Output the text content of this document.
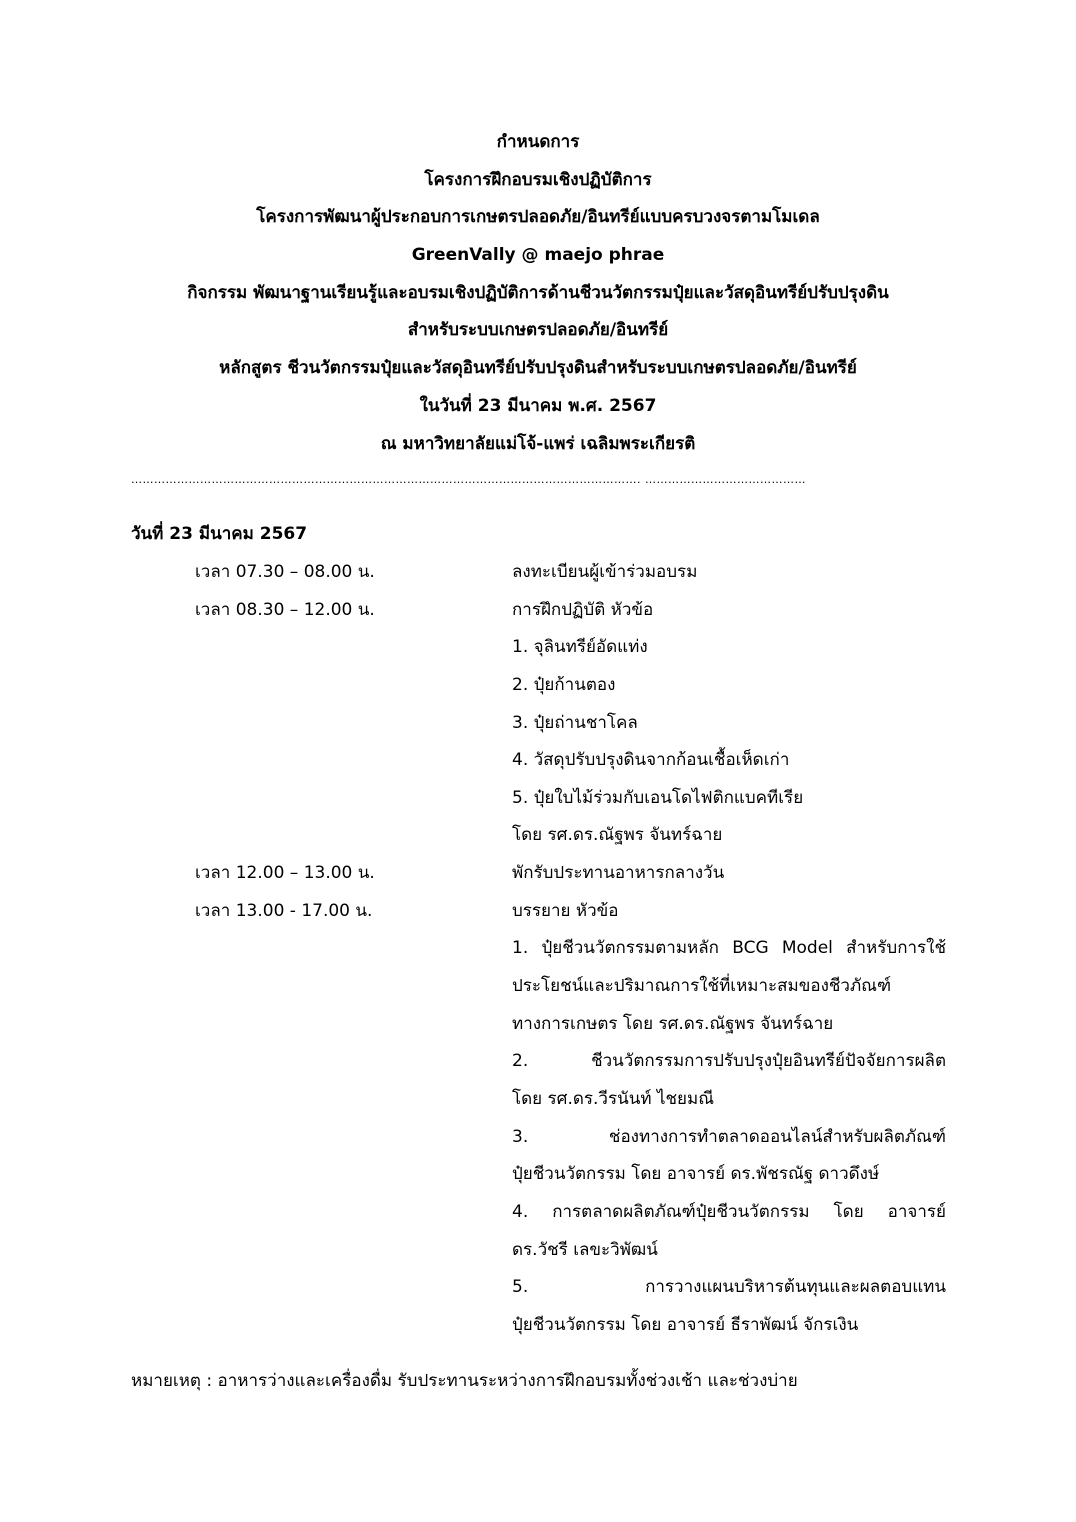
กำหนดการ
โครงการฝึกอบรมเชิงปฏิบัติการ
โครงการพัฒนาผู้ประกอบการเกษตรปลอดภัย/อินทรีย์แบบครบวงจรตามโมเดล
GreenVally @ maejo phrae
กิจกรรม พัฒนาฐานเรียนรู้และอบรมเชิงปฏิบัติการด้านชีวนวัตกรรมปุ๋ยและวัสดุอินทรีย์ปรับปรุงดิน
สำหรับระบบเกษตรปลอดภัย/อินทรีย์
หลักสูตร ชีวนวัตกรรมปุ๋ยและวัสดุอินทรีย์ปรับปรุงดินสำหรับระบบเกษตรปลอดภัย/อินทรีย์
ในวันที่ 23 มีนาคม พ.ศ. 2567
ณ มหาวิทยาลัยแม่โจ้-แพร่ เฉลิมพระเกียรติ
……………………………………………………………………………………………………………………. ……………………………………
วันที่ 23 มีนาคม 2567
เวลา 07.30 – 08.00 น.	ลงทะเบียนผู้เข้าร่วมอบรม
เวลา 08.30 – 12.00 น.	การฝึกปฏิบัติ หัวข้อ
1. จุลินทรีย์อัดแท่ง
2. ปุ๋ยก้านตอง
3. ปุ๋ยถ่านชาโคล
4. วัสดุปรับปรุงดินจากก้อนเชื้อเห็ดเก่า
5. ปุ๋ยใบไม้ร่วมกับเอนโดไฟติกแบคทีเรีย
โดย รศ.ดร.ณัฐพร จันทร์ฉาย
เวลา 12.00 – 13.00 น.	พักรับประทานอาหารกลางวัน
เวลา 13.00 - 17.00 น.	บรรยาย หัวข้อ
1. ปุ๋ยชีวนวัตกรรมตามหลัก BCG Model สำหรับการใช้
ประโยชน์และปริมาณการใช้ที่เหมาะสมของชีวภัณฑ์
ทางการเกษตร โดย รศ.ดร.ณัฐพร จันทร์ฉาย
2. ชีวนวัตกรรมการปรับปรุงปุ๋ยอินทรีย์ปัจจัยการผลิต
โดย รศ.ดร.วีรนันท์ ไชยมณี
3. ช่องทางการทำตลาดออนไลน์สำหรับผลิตภัณฑ์
ปุ๋ยชีวนวัตกรรม โดย อาจารย์ ดร.พัชรณัฐ ดาวดึงษ์
4. การตลาดผลิตภัณฑ์ปุ๋ยชีวนวัตกรรม โดย อาจารย์
ดร.วัชรี เลขะวิพัฒน์
5. การวางแผนบริหารต้นทุนและผลตอบแทน
ปุ๋ยชีวนวัตกรรม โดย อาจารย์ ธีราพัฒน์ จักรเงิน
หมายเหตุ : อาหารว่างและเครื่องดื่ม รับประทานระหว่างการฝึกอบรมทั้งช่วงเช้า และช่วงบ่าย
